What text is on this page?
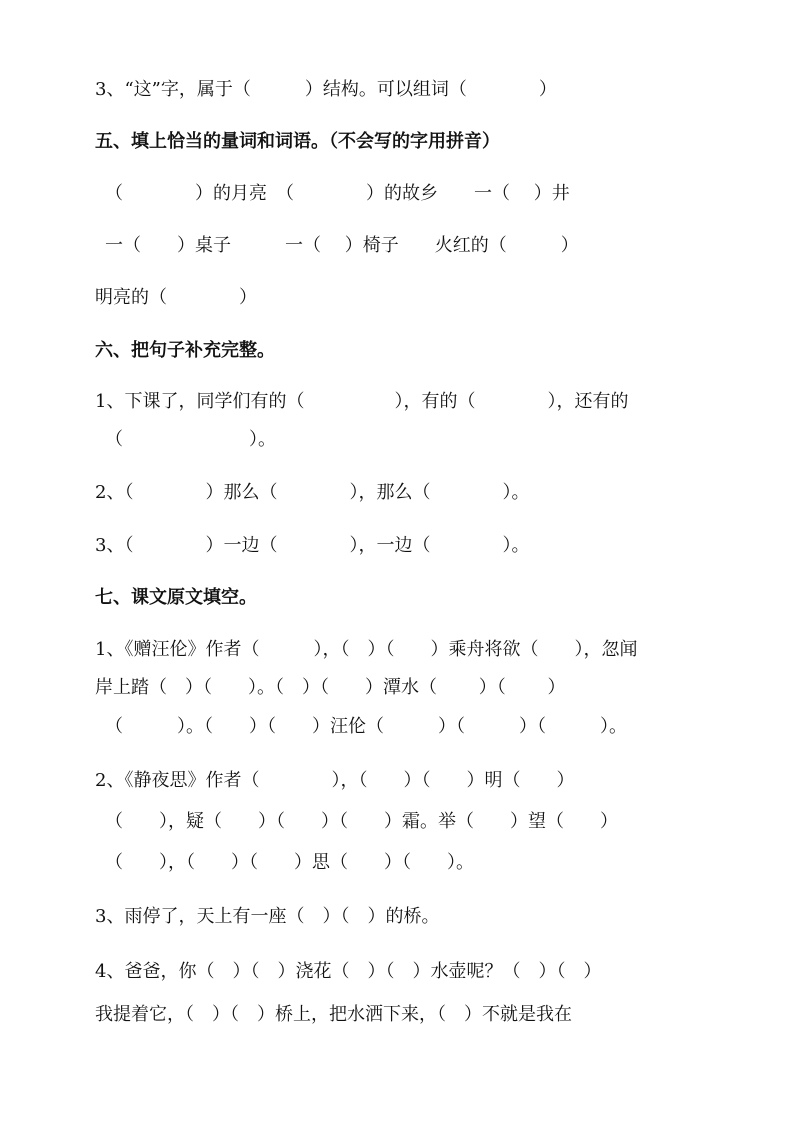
3、“这”字，属于（　　　）结构。可以组词（　　　　）
五、填上恰当的量词和词语。（不会写的字用拼音）
（　　　　）的月亮　（　　　　）的故乡　　一（　 ）井
一（　　）桌子　　　一（　 ）椅子　　火红的（　　　）
明亮的（　　　　）
六、把句子补充完整。
1、下课了，同学们有的（　　　　　），有的（　　　　），还有的
（　　　　　　　）。
2、（　　　　）那么（　　　　），那么（　　　　）。
3、（　　　　）一边（　　　　），一边（　　　　）。
七、课文原文填空。
1、《赠汪伦》作者（　　　），（　）（　　）乘舟将欲（　　），忽闻
岸上踏（　）（　　）。（　）（　　）潭水（　　 ）（　　 ）
（　　　）。（　　）（　　）汪伦（　　　）（　　　）（　　　）。
2、《静夜思》作者（　　　　），（　　）（　　）明（　　）
（　　），疑（　　）（　　）（　　）霜。举（　　）望（　　）
（　　），（　　）（　　）思（　　）（　　）。
3、雨停了，天上有一座（　）（　）的桥。
4、爸爸，你（　）（　）浇花（　）（　）水壶呢？（　）（　）
我提着它，（　）（　）桥上，把水洒下来，（　）不就是我在
